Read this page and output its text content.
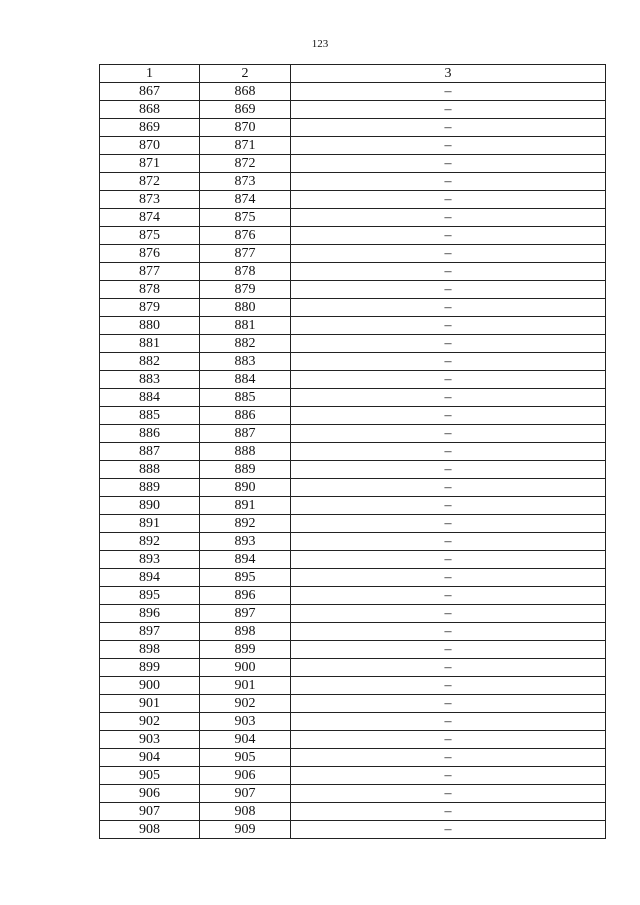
123
1	2	3
867	868	–
868	869	–
869	870	–
870	871	–
871	872	–
872	873	–
873	874	–
874	875	–
875	876	–
876	877	–
877	878	–
878	879	–
879	880	–
880	881	–
881	882	–
882	883	–
883	884	–
884	885	–
885	886	–
886	887	–
887	888	–
888	889	–
889	890	–
890	891	–
891	892	–
892	893	–
893	894	–
894	895	–
895	896	–
896	897	–
897	898	–
898	899	–
899	900	–
900	901	–
901	902	–
902	903	–
903	904	–
904	905	–
905	906	–
906	907	–
907	908	–
908	909	–
